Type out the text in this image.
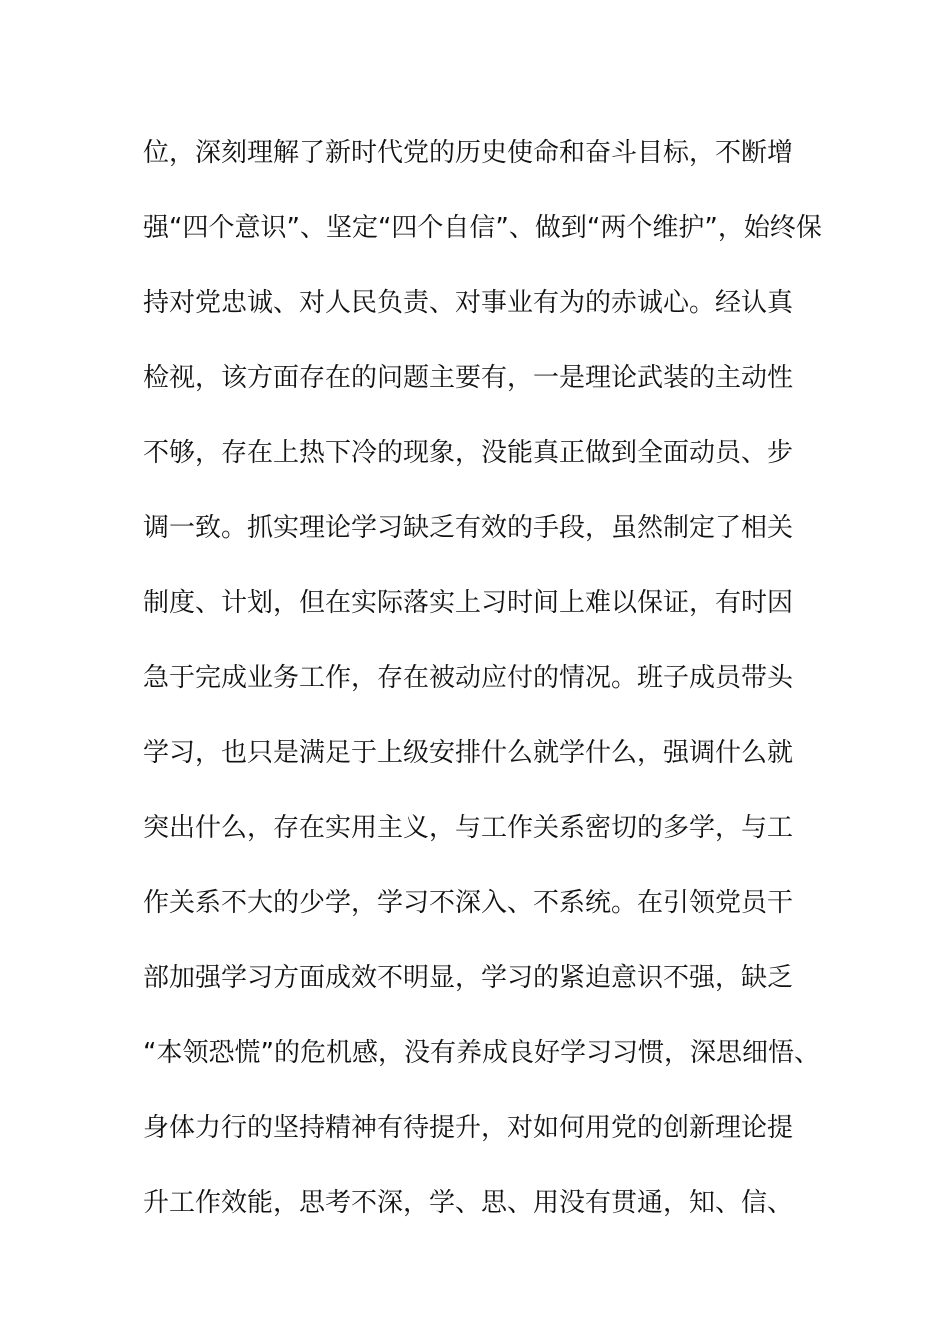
位，深刻理解了新时代党的历史使命和奋斗目标，不断增
强“四个意识”、坚定“四个自信”、做到“两个维护”，始终保
持对党忠诚、对人民负责、对事业有为的赤诚心。经认真
检视，该方面存在的问题主要有，一是理论武装的主动性
不够，存在上热下冷的现象，没能真正做到全面动员、步
调一致。抓实理论学习缺乏有效的手段，虽然制定了相关
制度、计划，但在实际落实上习时间上难以保证，有时因
急于完成业务工作，存在被动应付的情况。班子成员带头
学习，也只是满足于上级安排什么就学什么，强调什么就
突出什么，存在实用主义，与工作关系密切的多学，与工
作关系不大的少学，学习不深入、不系统。在引领党员干
部加强学习方面成效不明显，学习的紧迫意识不强，缺乏
“本领恐慌”的危机感，没有养成良好学习习惯，深思细悟、
身体力行的坚持精神有待提升，对如何用党的创新理论提
升工作效能，思考不深，学、思、用没有贯通，知、信、
